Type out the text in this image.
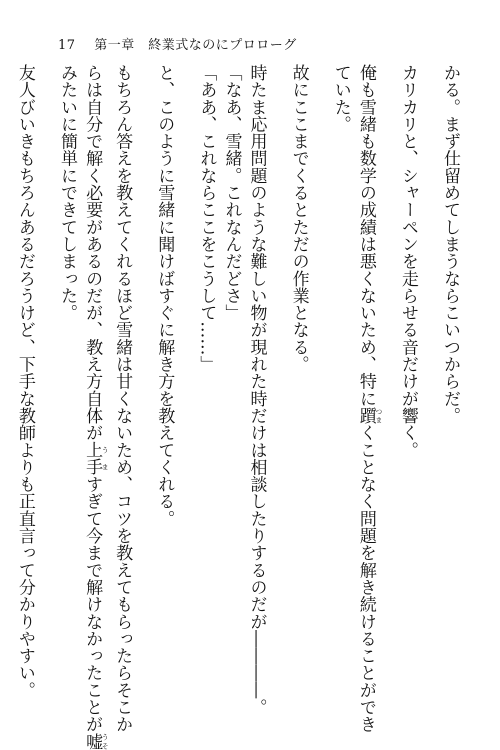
17 第一章　終業式なのにプロローグ
かる。まず仕留めてしまうならこいつからだ。
カリカリと、シャーペンを走らせる音だけが響く。
俺も雪緒も数学の成績は悪くないため、特に躓 つまくことなく問題を解き続けることができ
ていた。
故にここまでくるとただの作業となる。
時たま応用問題のような難しい物が現れた時だけは相談したりするのだが――――。
「なあ、雪緒。これなんだどさ」
「ああ、これならここをこうして……」
と、このように雪緒に聞けばすぐに解き方を教えてくれる。
もちろん答えを教えてくれるほど雪緒は甘くないため、コツを教えてもらったらそこか
らは自分で解く必要があるのだが、教え方自体が上手 うますぎて今まで解けなかったことが嘘 うそ
みたいに簡単にできてしまった。
友人びいきもちろんあるだろうけど、下手な教師よりも正直言って分かりやすい。
